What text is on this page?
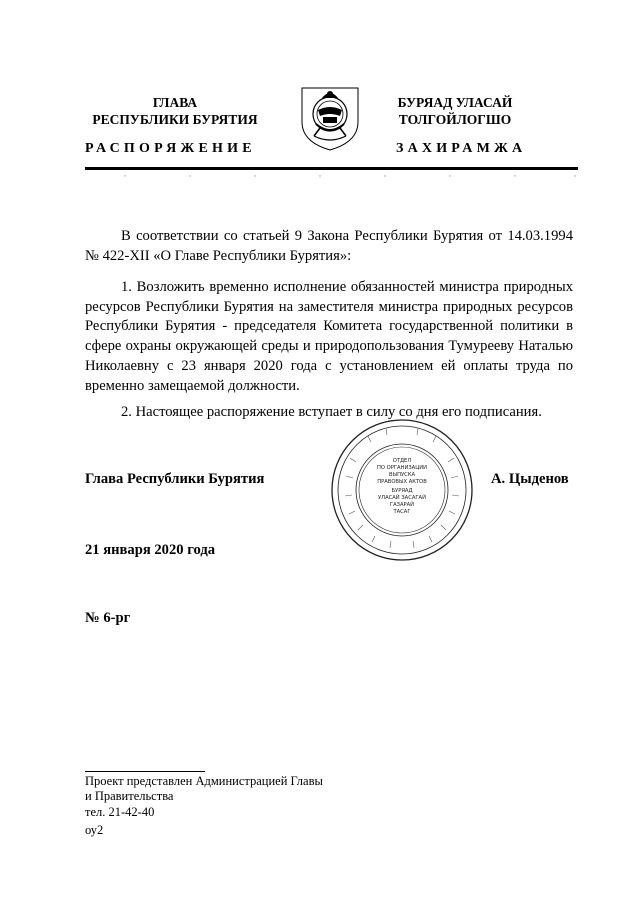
ГЛАВА
РЕСПУБЛИКИ БУРЯТИЯ
БУРЯАД УЛАСАЙ
ТОЛГОЙЛОГШО
РАСПОРЯЖЕНИЕ	ЗАХИРАМЖА
В соответствии со статьей 9 Закона Республики Бурятия от 14.03.1994 № 422-XII «О Главе Республики Бурятия»:
1. Возложить временно исполнение обязанностей министра природных ресурсов Республики Бурятия на заместителя министра природных ресурсов Республики Бурятия - председателя Комитета государственной политики в сфере охраны окружающей среды и природопользования Тумурееву Наталью Николаевну с 23 января 2020 года с установлением ей оплаты труда по временно замещаемой должности.
2. Настоящее распоряжение вступает в силу со дня его подписания.
Глава Республики Бурятия
ОТДЕЛ
ПО ОРГАНИЗАЦИИ
ВЫПУСКА
ПРАВОВЫХ АКТОВ
БУРЯАД
УЛАСАЙ ЗАСАГАЙ
ГАЗАРАЙ
ТАСАГ
А. Цыденов
21 января 2020 года
№ 6-рг
Проект представлен Администрацией Главы
и Правительства
тел. 21-42-40
оу2
